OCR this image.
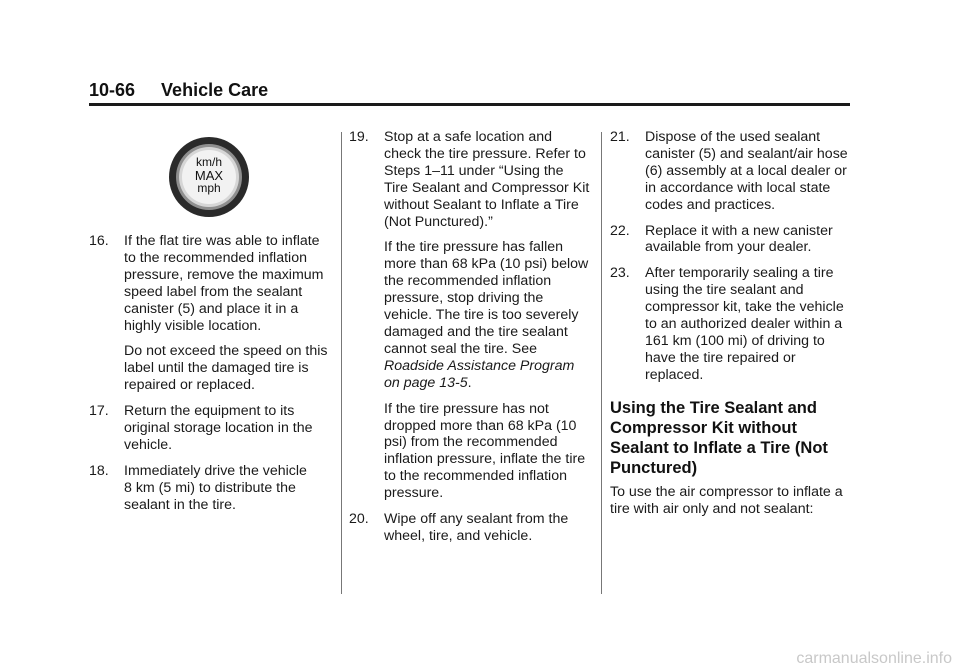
10-66 Vehicle Care
km/h
MAX
mph
16.	If the flat tire was able to inflate
to the recommended inflation pressure, remove the maximum speed label from the sealant canister (5) and place it in a highly visible location.
Do not exceed the speed on this label until the damaged tire is repaired or replaced.
17.	Return the equipment to its
original storage location in the vehicle.
18.	Immediately drive the vehicle
8 km (5 mi) to distribute the sealant in the tire.
19.	Stop at a safe location and
check the tire pressure. Refer to Steps 1–11 under “Using the Tire Sealant and Compressor Kit without Sealant to Inflate a Tire (Not Punctured).”
If the tire pressure has fallen more than 68 kPa (10 psi) below the recommended inflation pressure, stop driving the vehicle. The tire is too severely damaged and the tire sealant cannot seal the tire. See Roadside Assistance Program on page 13-5.
If the tire pressure has not dropped more than 68 kPa (10 psi) from the recommended inflation pressure, inflate the tire to the recommended inflation pressure.
20.	Wipe off any sealant from the
wheel, tire, and vehicle.
21.	Dispose of the used sealant
canister (5) and sealant/air hose (6) assembly at a local dealer or in accordance with local state codes and practices.
22.	Replace it with a new canister
available from your dealer.
23.	After temporarily sealing a tire
using the tire sealant and compressor kit, take the vehicle to an authorized dealer within a 161 km (100 mi) of driving to have the tire repaired or replaced.
Using the Tire Sealant and Compressor Kit without Sealant to Inflate a Tire (Not Punctured)
To use the air compressor to inflate a tire with air only and not sealant:
carmanualsonline.info
